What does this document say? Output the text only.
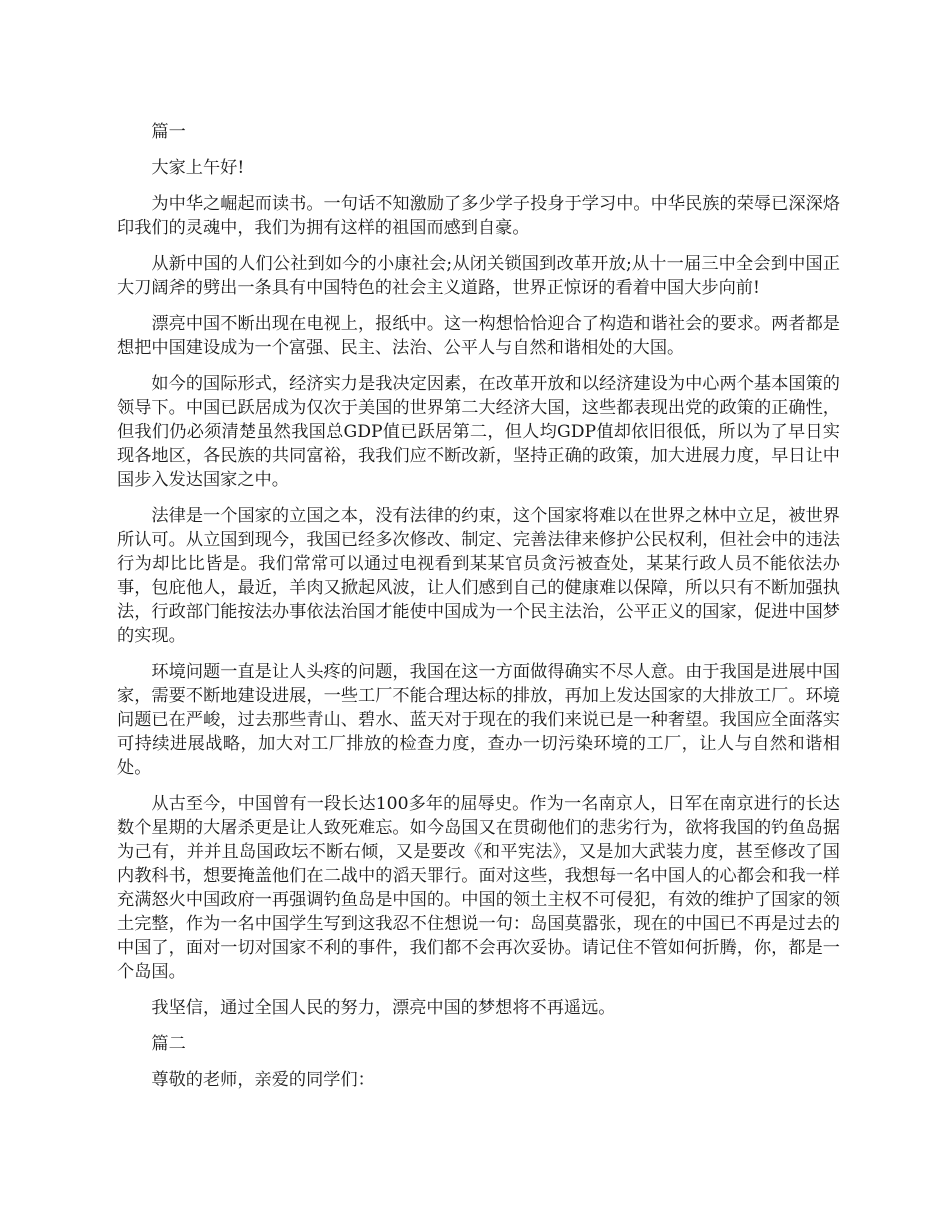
篇一

大家上午好!

为中华之崛起而读书。一句话不知激励了多少学子投身于学习中。中华民族的荣辱已深深烙印我们的灵魂中，我们为拥有这样的祖国而感到自豪。

从新中国的人们公社到如今的小康社会;从闭关锁国到改革开放;从十一届三中全会到中国正大刀阔斧的劈出一条具有中国特色的社会主义道路，世界正惊讶的看着中国大步向前!

漂亮中国不断出现在电视上，报纸中。这一构想恰恰迎合了构造和谐社会的要求。两者都是想把中国建设成为一个富强、民主、法治、公平人与自然和谐相处的大国。

如今的国际形式，经济实力是我决定因素，在改革开放和以经济建设为中心两个基本国策的领导下。中国已跃居成为仅次于美国的世界第二大经济大国，这些都表现出党的政策的正确性，但我们仍必须清楚虽然我国总GDP值已跃居第二，但人均GDP值却依旧很低，所以为了早日实现各地区，各民族的共同富裕，我我们应不断改新，坚持正确的政策，加大进展力度，早日让中国步入发达国家之中。

法律是一个国家的立国之本，没有法律的约束，这个国家将难以在世界之林中立足，被世界所认可。从立国到现今，我国已经多次修改、制定、完善法律来修护公民权利，但社会中的违法行为却比比皆是。我们常常可以通过电视看到某某官员贪污被查处，某某行政人员不能依法办事，包庇他人，最近，羊肉又掀起风波，让人们感到自己的健康难以保障，所以只有不断加强执法，行政部门能按法办事依法治国才能使中国成为一个民主法治，公平正义的国家，促进中国梦的实现。

环境问题一直是让人头疼的问题，我国在这一方面做得确实不尽人意。由于我国是进展中国家，需要不断地建设进展，一些工厂不能合理达标的排放，再加上发达国家的大排放工厂。环境问题已在严峻，过去那些青山、碧水、蓝天对于现在的我们来说已是一种奢望。我国应全面落实可持续进展战略，加大对工厂排放的检查力度，查办一切污染环境的工厂，让人与自然和谐相处。

从古至今，中国曾有一段长达100多年的屈辱史。作为一名南京人，日军在南京进行的长达数个星期的大屠杀更是让人致死难忘。如今岛国又在贯砌他们的悲劣行为，欲将我国的钓鱼岛据为己有，并并且岛国政坛不断右倾，又是要改《和平宪法》，又是加大武装力度，甚至修改了国内教科书，想要掩盖他们在二战中的滔天罪行。面对这些，我想每一名中国人的心都会和我一样充满怒火中国政府一再强调钓鱼岛是中国的。中国的领土主权不可侵犯，有效的维护了国家的领土完整，作为一名中国学生写到这我忍不住想说一句：岛国莫嚣张，现在的中国已不再是过去的中国了，面对一切对国家不利的事件，我们都不会再次妥协。请记住不管如何折腾，你，都是一个岛国。

我坚信，通过全国人民的努力，漂亮中国的梦想将不再遥远。

篇二

尊敬的老师，亲爱的同学们：
